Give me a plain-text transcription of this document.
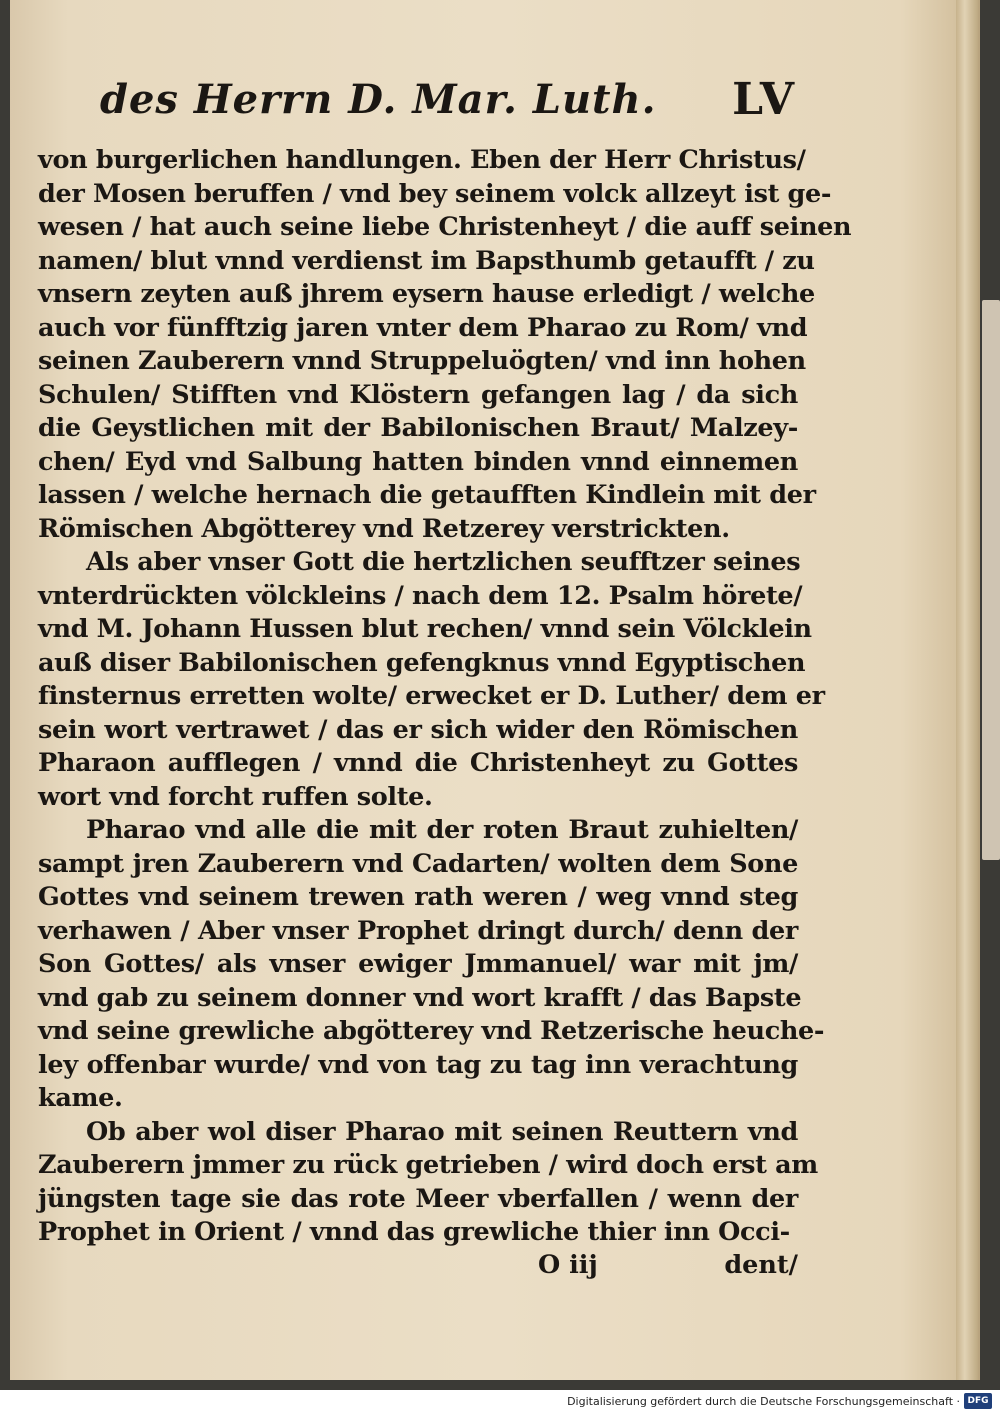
des Herrn D. Mar. Luth. LV

von burgerlichen handlungen. Eben der Herr Christus/
der Mosen beruffen / vnd bey seinem volck allzeyt ist ge-
wesen / hat auch seine liebe Christenheyt / die auff seinen
namen/ blut vnnd verdienst im Bapsthumb getaufft / zu
vnsern zeyten auß jhrem eysern hause erledigt / welche
auch vor fünfftzig jaren vnter dem Pharao zu Rom/ vnd
seinen Zauberern vnnd Struppeluögten/ vnd inn hohen
Schulen/ Stifften vnd Klöstern gefangen lag / da sich
die Geystlichen mit der Babilonischen Braut/ Malzey-
chen/ Eyd vnd Salbung hatten binden vnnd einnemen
lassen / welche hernach die getaufften Kindlein mit der
Römischen Abgötterey vnd Retzerey verstrickten.

Als aber vnser Gott die hertzlichen seufftzer seines
vnterdrückten völckleins / nach dem 12. Psalm hörete/
vnd M. Johann Hussen blut rechen/ vnnd sein Völcklein
auß diser Babilonischen gefengknus vnnd Egyptischen
finsternus erretten wolte/ erwecket er D. Luther/ dem er
sein wort vertrawet / das er sich wider den Römischen
Pharaon aufflegen / vnnd die Christenheyt zu Gottes
wort vnd forcht ruffen solte.

Pharao vnd alle die mit der roten Braut zuhielten/
sampt jren Zauberern vnd Cadarten/ wolten dem Sone
Gottes vnd seinem trewen rath weren / weg vnnd steg
verhawen / Aber vnser Prophet dringt durch/ denn der
Son Gottes/ als vnser ewiger Jmmanuel/ war mit jm/
vnd gab zu seinem donner vnd wort krafft / das Bapste
vnd seine grewliche abgötterey vnd Retzerische heuche-
ley offenbar wurde/ vnd von tag zu tag inn verachtung
kame.

Ob aber wol diser Pharao mit seinen Reuttern vnd
Zauberern jmmer zu rück getrieben / wird doch erst am
jüngsten tage sie das rote Meer vberfallen / wenn der
Prophet in Orient / vnnd das grewliche thier inn Occi-

O iij	dent/
Digitalisierung gefördert durch die Deutsche Forschungsgemeinschaft · DFG
